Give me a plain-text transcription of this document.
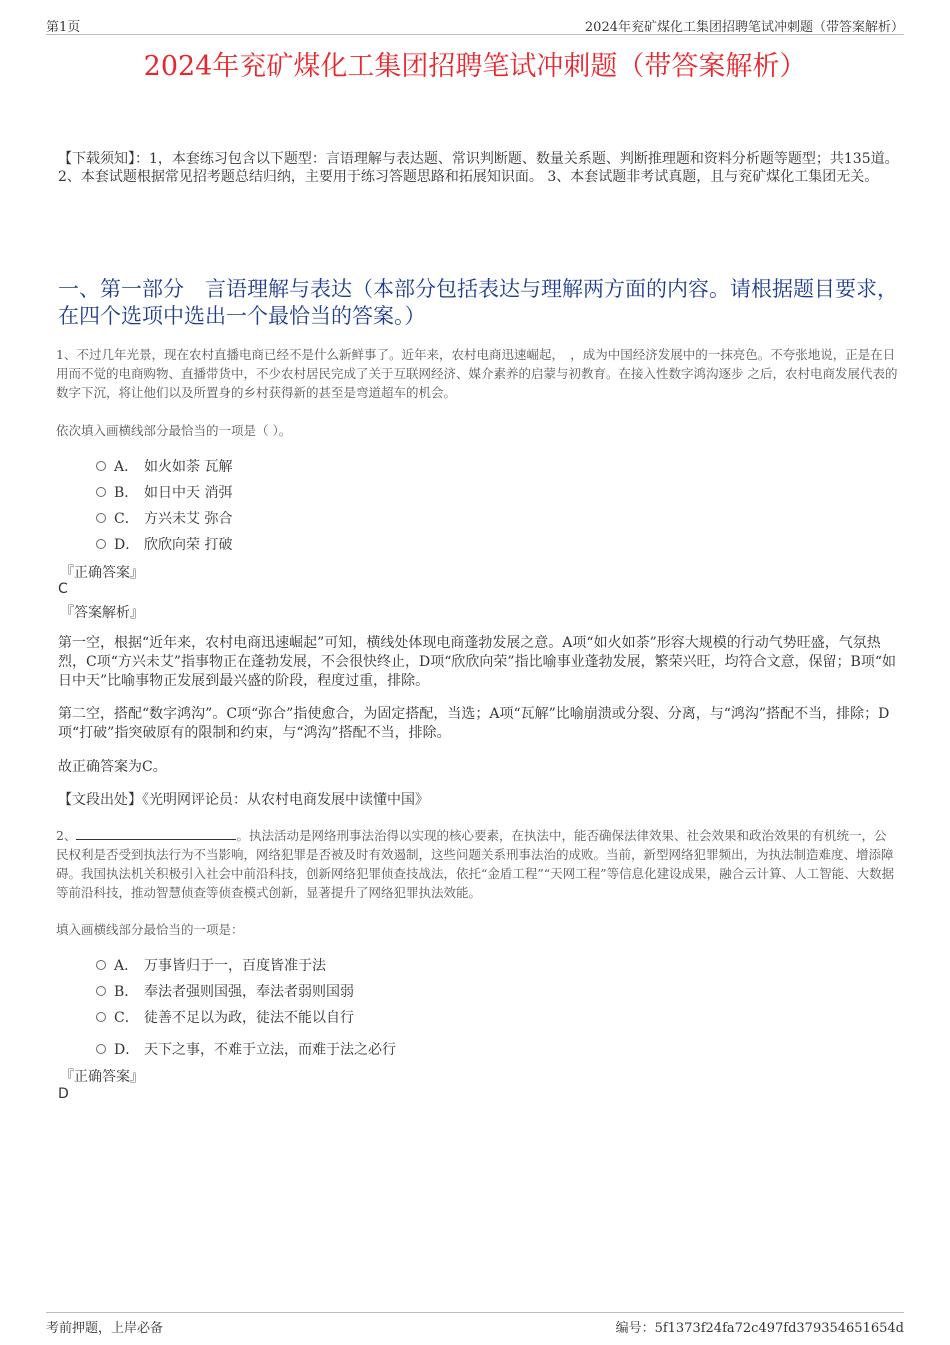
第1页	2024年兖矿煤化工集团招聘笔试冲刺题（带答案解析）
2024年兖矿煤化工集团招聘笔试冲刺题（带答案解析）
【下载须知】：1，本套练习包含以下题型：言语理解与表达题、常识判断题、数量关系题、判断推理题和资料分析题等题型；共135道。 2、本套试题根据常见招考题总结归纳，主要用于练习答题思路和拓展知识面。 3、本套试题非考试真题，且与兖矿煤化工集团无关。
一、第一部分　言语理解与表达（本部分包括表达与理解两方面的内容。请根据题目要求，在四个选项中选出一个最恰当的答案。）
1、不过几年光景，现在农村直播电商已经不是什么新鲜事了。近年来，农村电商迅速崛起，　，成为中国经济发展中的一抹亮色。不夸张地说，正是在日用而不觉的电商购物、直播带货中，不少农村居民完成了关于互联网经济、媒介素养的启蒙与初教育。在接入性数字鸿沟逐步 之后，农村电商发展代表的数字下沉，将让他们以及所置身的乡村获得新的甚至是弯道超车的机会。
依次填入画横线部分最恰当的一项是（ ）。
A． 如火如荼 瓦解
B． 如日中天 消弭
C． 方兴未艾 弥合
D． 欣欣向荣 打破
『正确答案』
C
『答案解析』
第一空，根据“近年来，农村电商迅速崛起”可知，横线处体现电商蓬勃发展之意。A项“如火如荼”形容大规模的行动气势旺盛，气氛热烈，C项“方兴未艾”指事物正在蓬勃发展，不会很快终止，D项“欣欣向荣”指比喻事业蓬勃发展，繁荣兴旺，均符合文意，保留；B项“如日中天”比喻事物正发展到最兴盛的阶段，程度过重，排除。
第二空，搭配“数字鸿沟”。C项“弥合”指使愈合，为固定搭配，当选；A项“瓦解”比喻崩溃或分裂、分离，与“鸿沟”搭配不当，排除；D项“打破”指突破原有的限制和约束，与“鸿沟”搭配不当，排除。
故正确答案为C。
【文段出处】《光明网评论员：从农村电商发展中读懂中国》
2、	。执法活动是网络刑事法治得以实现的核心要素，在执法中，能否确保法律效果、社会效果和政治效果的有机统一，公民权利是否受到执法行为不当影响，网络犯罪是否被及时有效遏制，这些问题关系刑事法治的成败。当前，新型网络犯罪频出，为执法制造难度、增添障碍。我国执法机关积极引入社会中前沿科技，创新网络犯罪侦查技战法，依托“金盾工程”“天网工程”等信息化建设成果，融合云计算、人工智能、大数据等前沿科技，推动智慧侦查等侦查模式创新，显著提升了网络犯罪执法效能。
填入画横线部分最恰当的一项是：
A． 万事皆归于一，百度皆准于法
B． 奉法者强则国强，奉法者弱则国弱
C． 徒善不足以为政，徒法不能以自行
D． 天下之事，不难于立法，而难于法之必行
『正确答案』
D
考前押题，上岸必备	编号：5f1373f24fa72c497fd379354651654d
